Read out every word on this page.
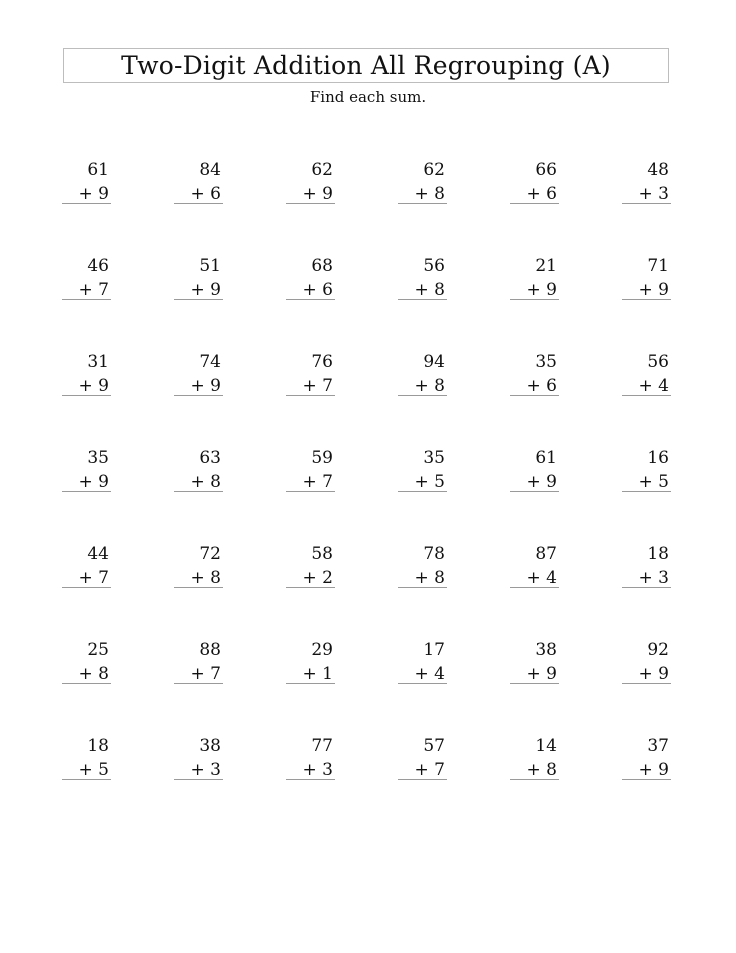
Two-Digit Addition All Regrouping (A)
Find each sum.
61
+ 9
84
+ 6
62
+ 9
62
+ 8
66
+ 6
48
+ 3
46
+ 7
51
+ 9
68
+ 6
56
+ 8
21
+ 9
71
+ 9
31
+ 9
74
+ 9
76
+ 7
94
+ 8
35
+ 6
56
+ 4
35
+ 9
63
+ 8
59
+ 7
35
+ 5
61
+ 9
16
+ 5
44
+ 7
72
+ 8
58
+ 2
78
+ 8
87
+ 4
18
+ 3
25
+ 8
88
+ 7
29
+ 1
17
+ 4
38
+ 9
92
+ 9
18
+ 5
38
+ 3
77
+ 3
57
+ 7
14
+ 8
37
+ 9
